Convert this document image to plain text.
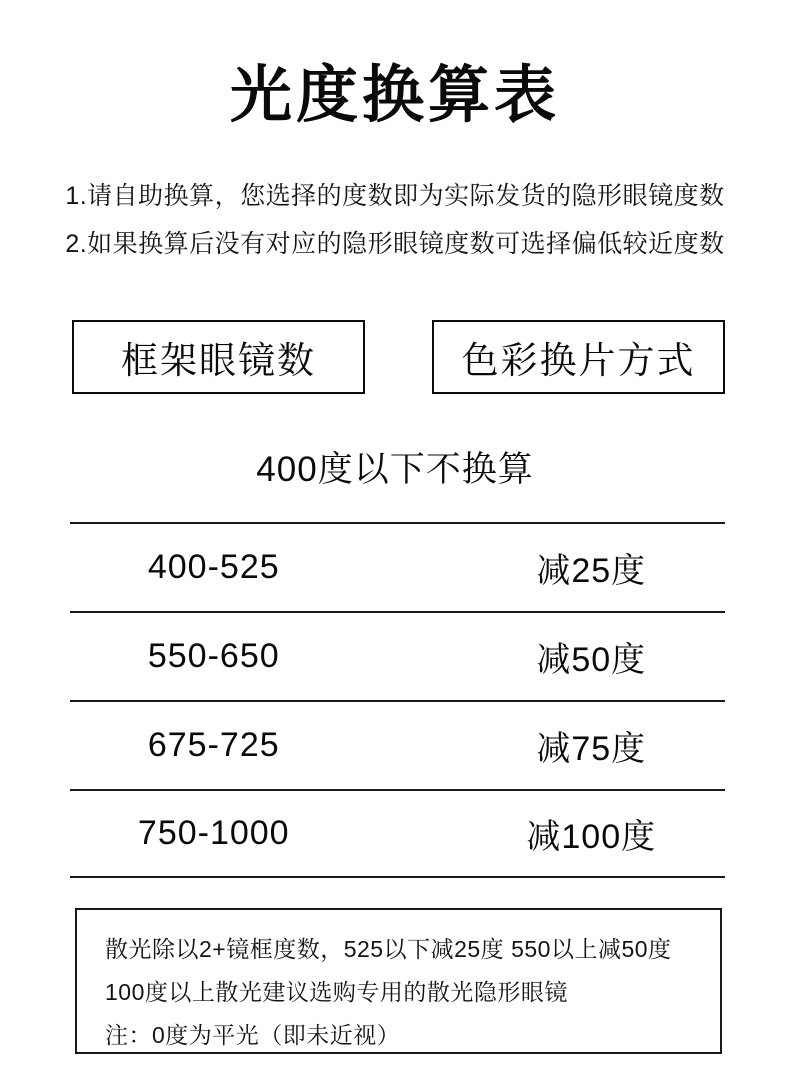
光度换算表
1.请自助换算，您选择的度数即为实际发货的隐形眼镜度数
2.如果换算后没有对应的隐形眼镜度数可选择偏低较近度数
框架眼镜数	色彩换片方式
400度以下不换算
400-525	减25度
550-650	减50度
675-725	减75度
750-1000	减100度
散光除以2+镜框度数，525以下减25度 550以上减50度
100度以上散光建议选购专用的散光隐形眼镜
注：0度为平光（即未近视）
